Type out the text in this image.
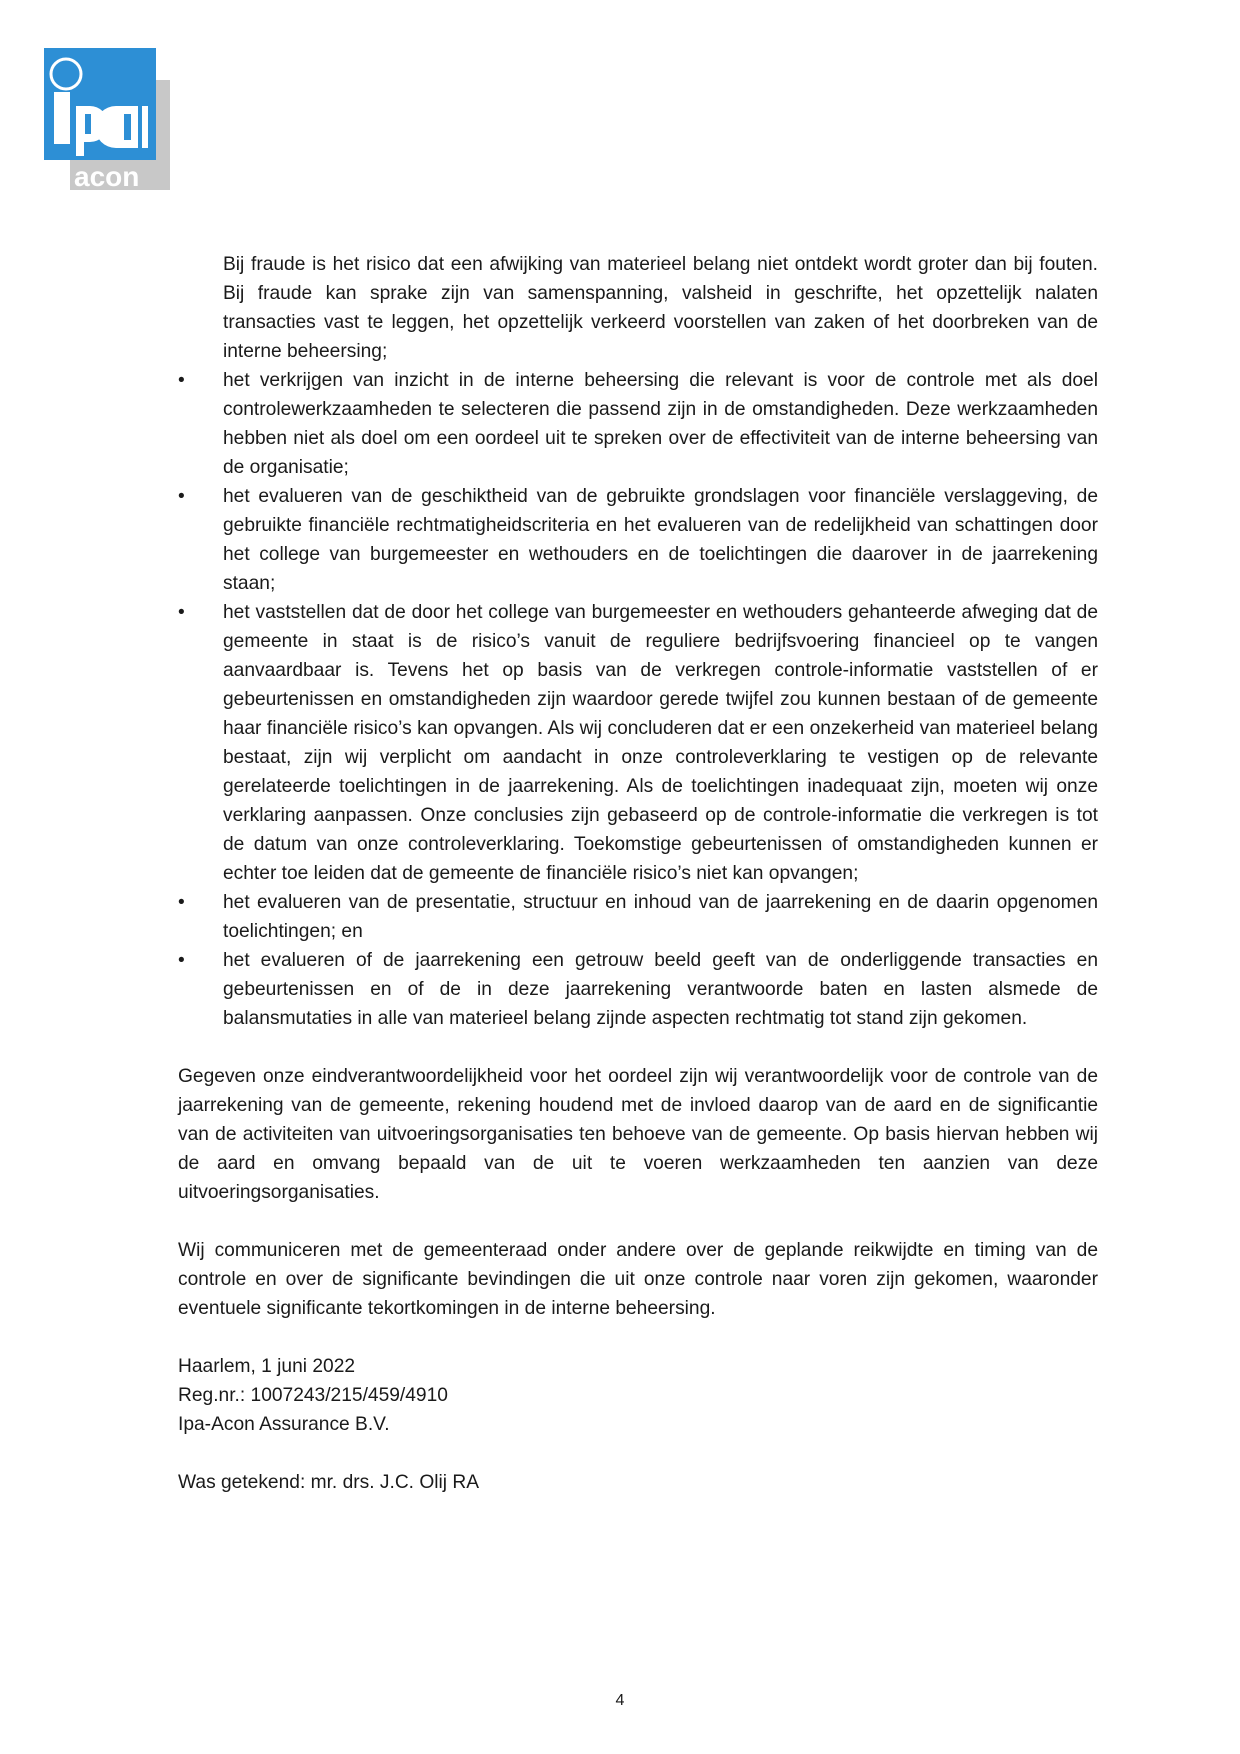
acon

Bij fraude is het risico dat een afwijking van materieel belang niet ontdekt wordt groter dan bij fouten. Bij fraude kan sprake zijn van samenspanning, valsheid in geschrifte, het opzettelijk nalaten transacties vast te leggen, het opzettelijk verkeerd voorstellen van zaken of het doorbreken van de interne beheersing;

•	het verkrijgen van inzicht in de interne beheersing die relevant is voor de controle met als doel controlewerkzaamheden te selecteren die passend zijn in de omstandigheden. Deze werkzaamheden hebben niet als doel om een oordeel uit te spreken over de effectiviteit van de interne beheersing van de organisatie;
•	het evalueren van de geschiktheid van de gebruikte grondslagen voor financiële verslaggeving, de gebruikte financiële rechtmatigheidscriteria en het evalueren van de redelijkheid van schattingen door het college van burgemeester en wethouders en de toelichtingen die daarover in de jaarrekening staan;
•	het vaststellen dat de door het college van burgemeester en wethouders gehanteerde afweging dat de gemeente in staat is de risico’s vanuit de reguliere bedrijfsvoering financieel op te vangen aanvaardbaar is. Tevens het op basis van de verkregen controle-informatie vaststellen of er gebeurtenissen en omstandigheden zijn waardoor gerede twijfel zou kunnen bestaan of de gemeente haar financiële risico’s kan opvangen. Als wij concluderen dat er een onzekerheid van materieel belang bestaat, zijn wij verplicht om aandacht in onze controleverklaring te vestigen op de relevante gerelateerde toelichtingen in de jaarrekening. Als de toelichtingen inadequaat zijn, moeten wij onze verklaring aanpassen. Onze conclusies zijn gebaseerd op de controle-informatie die verkregen is tot de datum van onze controleverklaring. Toekomstige gebeurtenissen of omstandigheden kunnen er echter toe leiden dat de gemeente de financiële risico’s niet kan opvangen;
•	het evalueren van de presentatie, structuur en inhoud van de jaarrekening en de daarin opgenomen toelichtingen; en
•	het evalueren of de jaarrekening een getrouw beeld geeft van de onderliggende transacties en gebeurtenissen en of de in deze jaarrekening verantwoorde baten en lasten alsmede de balansmutaties in alle van materieel belang zijnde aspecten rechtmatig tot stand zijn gekomen.

Gegeven onze eindverantwoordelijkheid voor het oordeel zijn wij verantwoordelijk voor de controle van de jaarrekening van de gemeente, rekening houdend met de invloed daarop van de aard en de significantie van de activiteiten van uitvoeringsorganisaties ten behoeve van de gemeente. Op basis hiervan hebben wij de aard en omvang bepaald van de uit te voeren werkzaamheden ten aanzien van deze uitvoeringsorganisaties.

Wij communiceren met de gemeenteraad onder andere over de geplande reikwijdte en timing van de controle en over de significante bevindingen die uit onze controle naar voren zijn gekomen, waaronder eventuele significante tekortkomingen in de interne beheersing.

Haarlem, 1 juni 2022

Reg.nr.: 1007243/215/459/4910

Ipa-Acon Assurance B.V.

Was getekend: mr. drs. J.C. Olij RA

4
